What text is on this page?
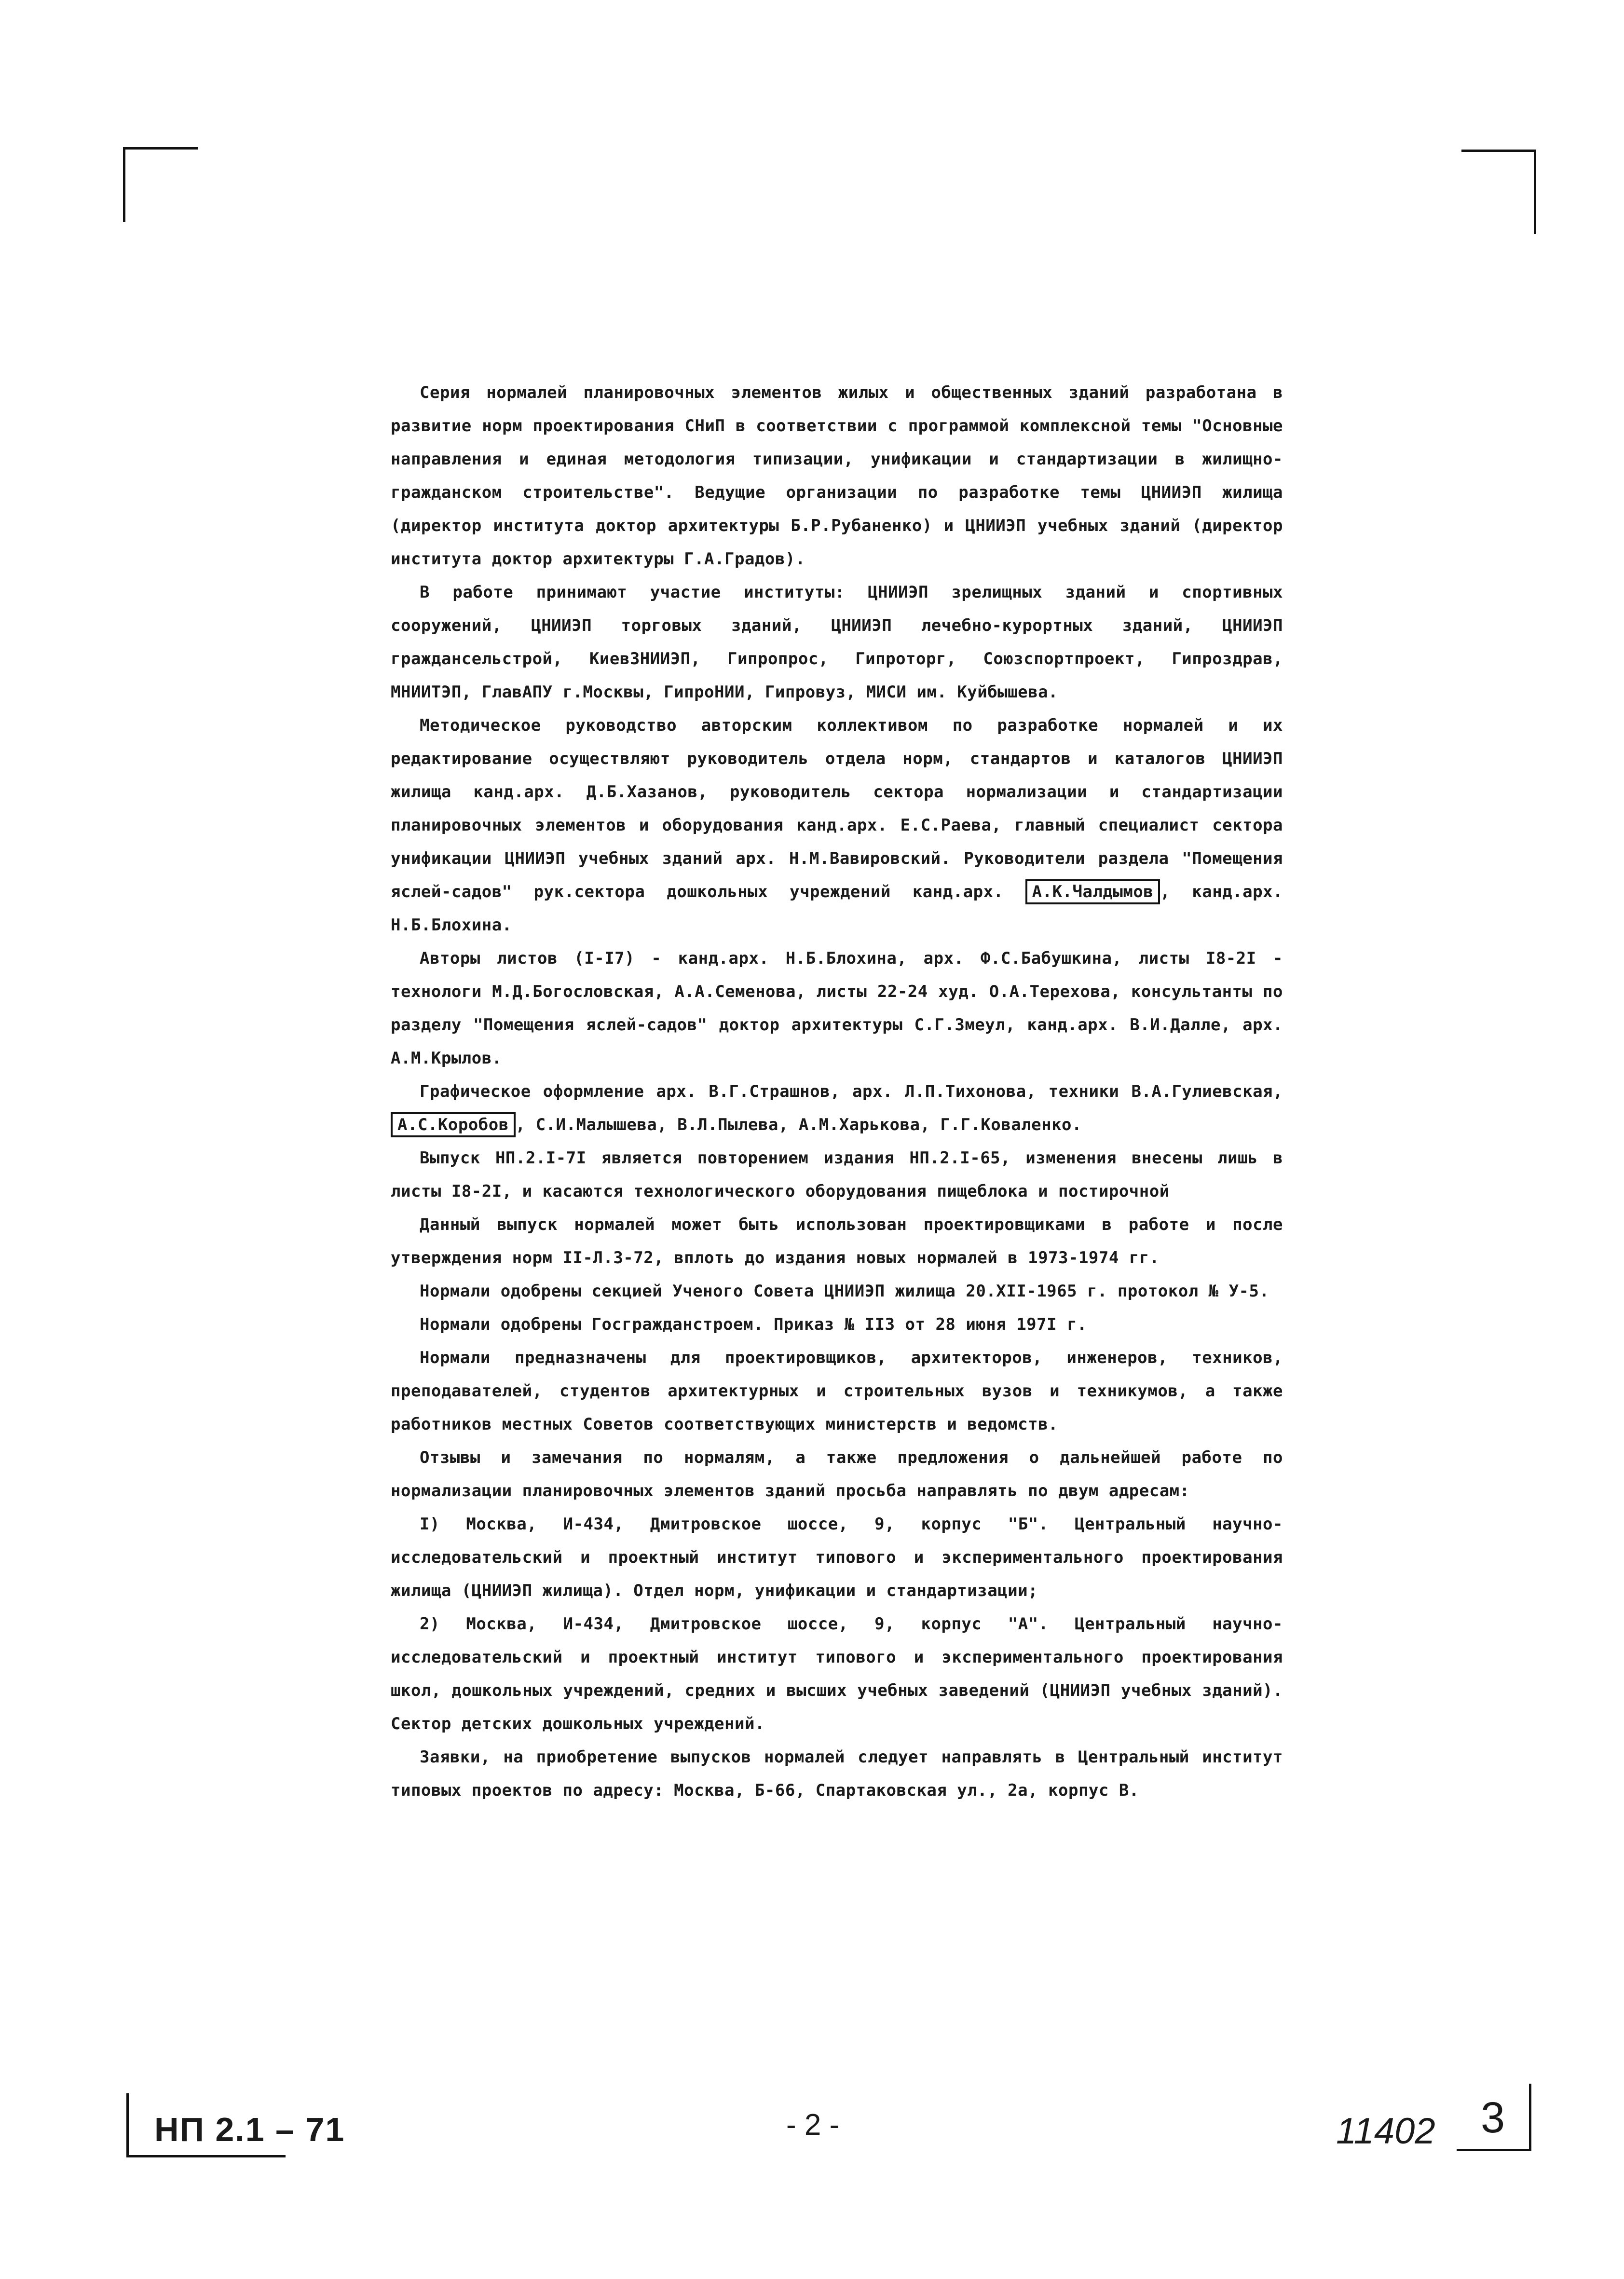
Серия нормалей планировочных элементов жилых и общественных зданий разработана в развитие норм проектирования СНиП в соответствии с программой комплексной темы "Основные направления и единая методология типизации, унификации и стандартизации в жилищно-гражданском строительстве". Ведущие организации по разработке темы ЦНИИЭП жилища (директор института доктор архитектуры Б.Р.Рубаненко) и ЦНИИЭП учебных зданий (директор института доктор архитектуры Г.А.Градов).

В работе принимают участие институты: ЦНИИЭП зрелищных зданий и спортивных сооружений, ЦНИИЭП торговых зданий, ЦНИИЭП лечебно-курортных зданий, ЦНИИЭП граждансельстрой, КиевЗНИИЭП, Гипропрос, Гипроторг, Союзспортпроект, Гипроздрав, МНИИТЭП, ГлавАПУ г.Москвы, ГипроНИИ, Гипровуз, МИСИ им. Куйбышева.

Методическое руководство авторским коллективом по разработке нормалей и их редактирование осуществляют руководитель отдела норм, стандартов и каталогов ЦНИИЭП жилища канд.арх. Д.Б.Хазанов, руководитель сектора нормализации и стандартизации планировочных элементов и оборудования канд.арх. Е.С.Раева, главный специалист сектора унификации ЦНИИЭП учебных зданий арх. Н.М.Вавировский. Руководители раздела "Помещения яслей-садов" рук.сектора дошкольных учреждений канд.арх. А.К.Чалдымов , канд.арх. Н.Б.Блохина.

Авторы листов (I-I7) - канд.арх. Н.Б.Блохина, арх. Ф.С.Бабушкина, листы I8-2I - технологи М.Д.Богословская, А.А.Семенова, листы 22-24 худ. О.А.Терехова, консультанты по разделу "Помещения яслей-садов" доктор архитектуры С.Г.Змеул, канд.арх. В.И.Далле, арх. А.М.Крылов.

Графическое оформление арх. В.Г.Страшнов, арх. Л.П.Тихонова, техники В.А.Гулиевская, А.С.Коробов , С.И.Малышева, В.Л.Пылева, А.М.Харькова, Г.Г.Коваленко.

Выпуск НП.2.I-7I является повторением издания НП.2.I-65, изменения внесены лишь в листы I8-2I, и касаются технологического оборудования пищеблока и постирочной

Данный выпуск нормалей может быть использован проектировщиками в работе и после утверждения норм II-Л.3-72, вплоть до издания новых нормалей в 1973-1974 гг.

Нормали одобрены секцией Ученого Совета ЦНИИЭП жилища 20.XII-1965 г. протокол № У-5.

Нормали одобрены Госгражданстроем. Приказ № II3 от 28 июня 197I г.

Нормали предназначены для проектировщиков, архитекторов, инженеров, техников, преподавателей, студентов архитектурных и строительных вузов и техникумов, а также работников местных Советов соответствующих министерств и ведомств.

Отзывы и замечания по нормалям, а также предложения о дальнейшей работе по нормализации планировочных элементов зданий просьба направлять по двум адресам:

I) Москва, И-434, Дмитровское шоссе, 9, корпус "Б". Центральный научно-исследовательский и проектный институт типового и экспериментального проектирования жилища (ЦНИИЭП жилища). Отдел норм, унификации и стандартизации;

2) Москва, И-434, Дмитровское шоссе, 9, корпус "А". Центральный научно-исследовательский и проектный институт типового и экспериментального проектирования школ, дошкольных учреждений, средних и высших учебных заведений (ЦНИИЭП учебных зданий). Сектор детских дошкольных учреждений.

Заявки, на приобретение выпусков нормалей следует направлять в Центральный институт типовых проектов по адресу: Москва, Б-66, Спартаковская ул., 2а, корпус В.

НП 2.1 – 71	- 2 -	11402 3
